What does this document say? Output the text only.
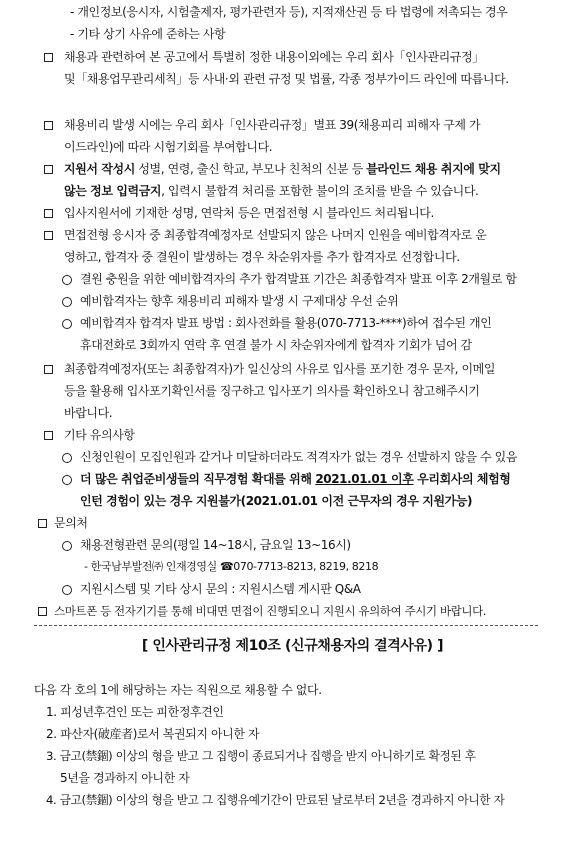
- 개인정보(응시자, 시험출제자, 평가관련자 등), 지적재산권 등 타 법령에 저촉되는 경우
- 기타 상기 사유에 준하는 사항
채용과 관련하여 본 공고에서 특별히 정한 내용이외에는 우리 회사「인사관리규정」
및「채용업무관리세칙」등 사내·외 관련 규정 및 법률, 각종 정부가이드 라인에 따릅니다.
채용비리 발생 시에는 우리 회사「인사관리규정」별표 39(채용피리 피해자 구제 가
이드라인)에 따라 시험기회를 부여합니다.
지원서 작성시 성별, 연령, 출신 학교, 부모나 친척의 신분 등 블라인드 채용 취지에 맞지
않는 정보 입력금지, 입력시 불합격 처리를 포함한 불이의 조치를 받을 수 있습니다.
입사지원서에 기재한 성명, 연락처 등은 면접전형 시 블라인드 처리됩니다.
면접전형 응시자 중 최종합격예정자로 선발되지 않은 나머지 인원을 예비합격자로 운
영하고, 합격자 중 결원이 발생하는 경우 차순위자를 추가 합격자로 선정합니다.
결원 충원을 위한 예비합격자의 추가 합격발표 기간은 최종합격자 발표 이후 2개월로 함
예비합격자는 향후 채용비리 피해자 발생 시 구제대상 우선 순위
예비합격자 합격자 발표 방법 : 회사전화를 활용(070-7713-****)하여 접수된 개인
휴대전화로 3회까지 연락 후 연결 불가 시 차순위자에게 합격자 기회가 넘어 감
최종합격예정자(또는 최종합격자)가 일신상의 사유로 입사를 포기한 경우 문자, 이메일
등을 활용해 입사포기확인서를 징구하고 입사포기 의사를 확인하오니 참고해주시기
바랍니다.
기타 유의사항
신청인원이 모집인원과 같거나 미달하더라도 적격자가 없는 경우 선발하지 않을 수 있음
더 많은 취업준비생들의 직무경험 확대를 위해 2021.01.01 이후 우리회사의 체험형
인턴 경험이 있는 경우 지원불가(2021.01.01 이전 근무자의 경우 지원가능)
문의처
채용전형관련 문의(평일 14~18시, 금요일 13~16시)
- 한국남부발전㈜ 인재경영실 ☎070-7713-8213, 8219, 8218
지원시스템 및 기타 상시 문의 : 지원시스템 게시판 Q&A
스마트폰 등 전자기기를 통해 비대면 면접이 진행되오니 지원시 유의하여 주시기 바랍니다.
[ 인사관리규정 제10조 (신규채용자의 결격사유) ]
다음 각 호의 1에 해당하는 자는 직원으로 채용할 수 없다.
1. 피성년후견인 또는 피한정후견인
2. 파산자(破産者)로서 복권되지 아니한 자
3. 금고(禁錮) 이상의 형을 받고 그 집행이 종료되거나 집행을 받지 아니하기로 확정된 후
5년을 경과하지 아니한 자
4. 금고(禁錮) 이상의 형을 받고 그 집행유예기간이 만료된 날로부터 2년을 경과하지 아니한 자
